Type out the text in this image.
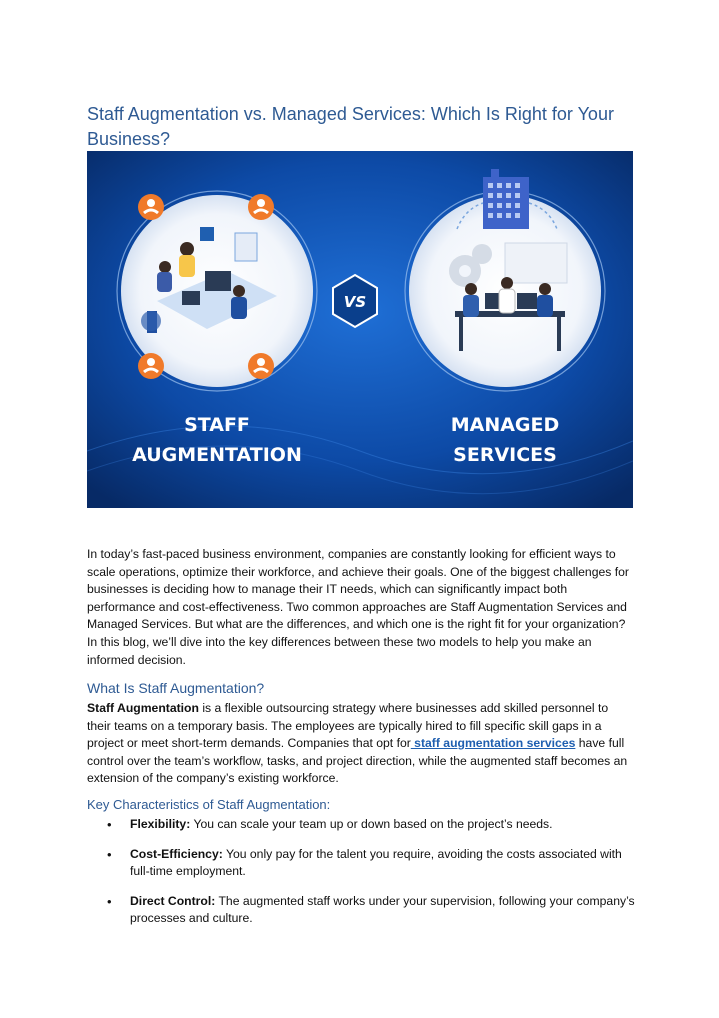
Staff Augmentation vs. Managed Services: Which Is Right for Your Business?
VS
STAFF
AUGMENTATION
MANAGED
SERVICES

In today’s fast-paced business environment, companies are constantly looking for efficient ways to scale operations, optimize their workforce, and achieve their goals. One of the biggest challenges for businesses is deciding how to manage their IT needs, which can significantly impact both performance and cost-effectiveness. Two common approaches are Staff Augmentation Services and Managed Services. But what are the differences, and which one is the right fit for your organization? In this blog, we’ll dive into the key differences between these two models to help you make an informed decision.

What Is Staff Augmentation?

Staff Augmentation is a flexible outsourcing strategy where businesses add skilled personnel to their teams on a temporary basis. The employees are typically hired to fill specific skill gaps in a project or meet short-term demands. Companies that opt for staff augmentation services have full control over the team’s workflow, tasks, and project direction, while the augmented staff becomes an extension of the company’s existing workforce.

Key Characteristics of Staff Augmentation:
• Flexibility: You can scale your team up or down based on the project’s needs.
• Cost-Efficiency: You only pay for the talent you require, avoiding the costs associated with full-time employment.
• Direct Control: The augmented staff works under your supervision, following your company’s processes and culture.
